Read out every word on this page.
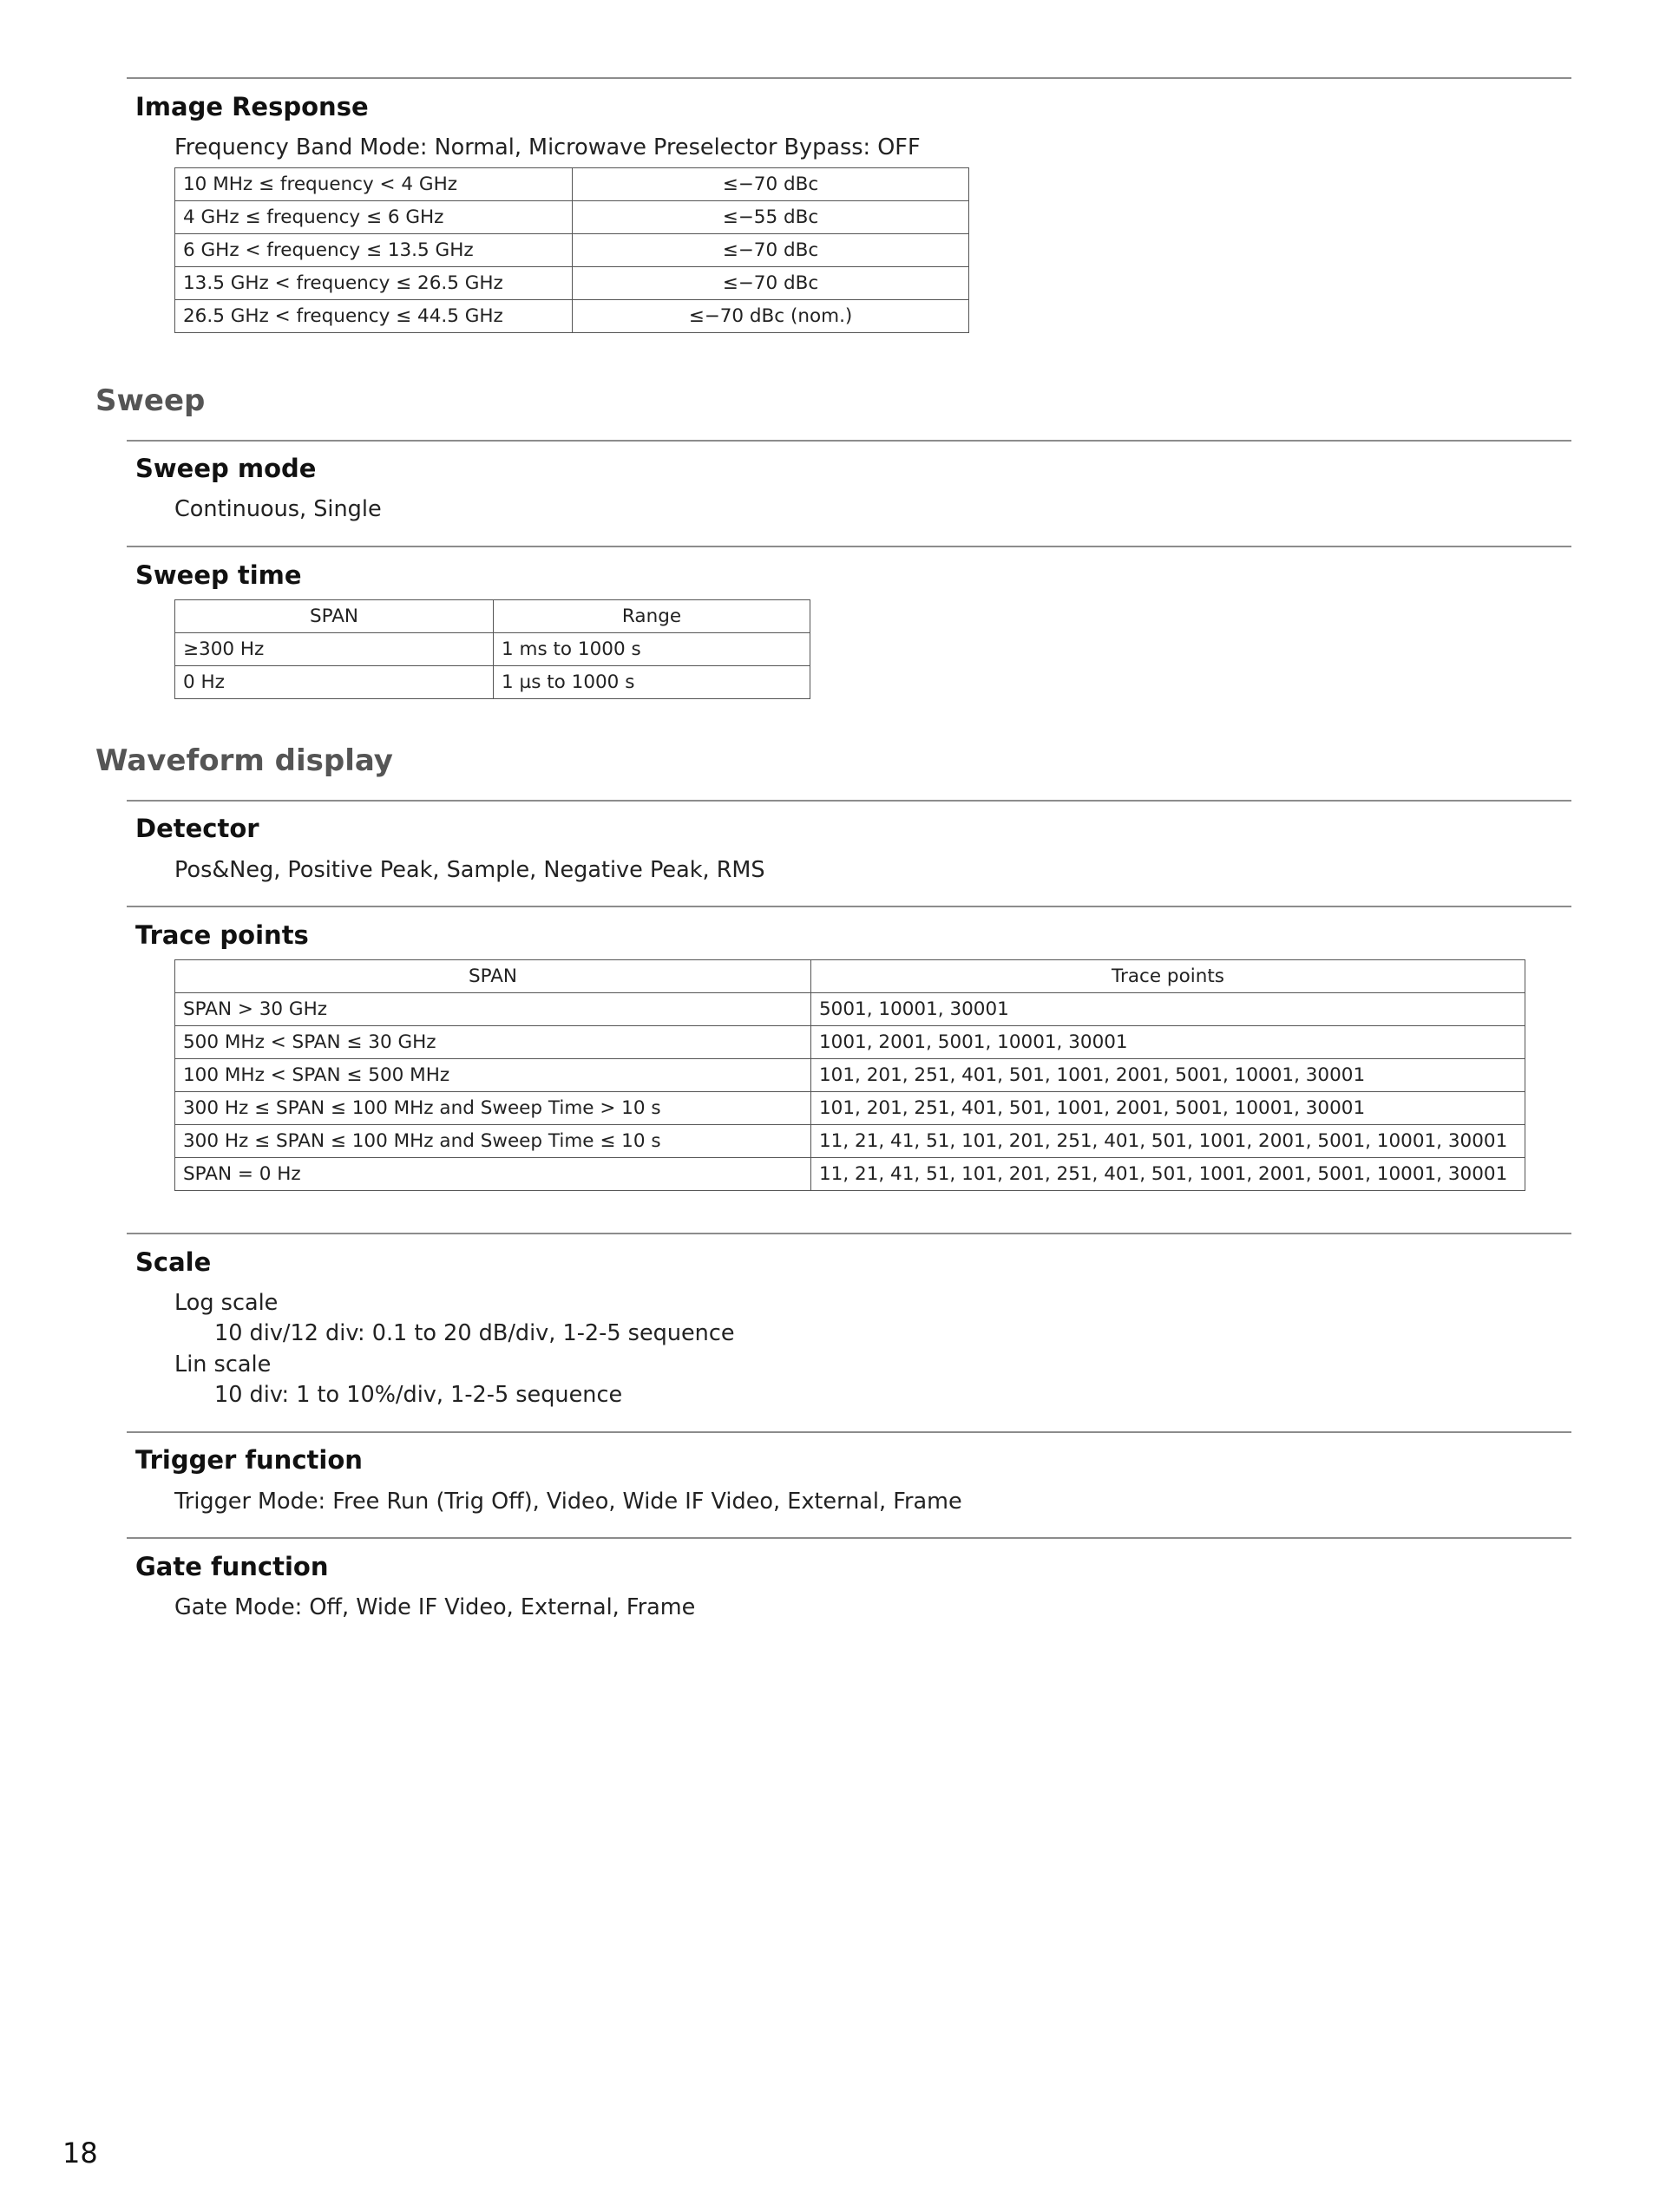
Image Response

Frequency Band Mode: Normal, Microwave Preselector Bypass: OFF

10 MHz ≤ frequency < 4 GHz	≤−70 dBc
4 GHz ≤ frequency ≤ 6 GHz	≤−55 dBc
6 GHz < frequency ≤ 13.5 GHz	≤−70 dBc
13.5 GHz < frequency ≤ 26.5 GHz	≤−70 dBc
26.5 GHz < frequency ≤ 44.5 GHz	≤−70 dBc (nom.)
Sweep
Sweep mode

Continuous, Single

Sweep time
SPAN	Range
≥300 Hz	1 ms to 1000 s
0 Hz	1 µs to 1000 s
Waveform display
Detector

Pos&Neg, Positive Peak, Sample, Negative Peak, RMS

Trace points
SPAN	Trace points
SPAN > 30 GHz	5001, 10001, 30001
500 MHz < SPAN ≤ 30 GHz	1001, 2001, 5001, 10001, 30001
100 MHz < SPAN ≤ 500 MHz	101, 201, 251, 401, 501, 1001, 2001, 5001, 10001, 30001
300 Hz ≤ SPAN ≤ 100 MHz and Sweep Time > 10 s	101, 201, 251, 401, 501, 1001, 2001, 5001, 10001, 30001
300 Hz ≤ SPAN ≤ 100 MHz and Sweep Time ≤ 10 s	11, 21, 41, 51, 101, 201, 251, 401, 501, 1001, 2001, 5001, 10001, 30001
SPAN = 0 Hz	11, 21, 41, 51, 101, 201, 251, 401, 501, 1001, 2001, 5001, 10001, 30001
Scale

Log scale

10 div/12 div: 0.1 to 20 dB/div, 1-2-5 sequence

Lin scale

10 div: 1 to 10%/div, 1-2-5 sequence

Trigger function

Trigger Mode: Free Run (Trig Off), Video, Wide IF Video, External, Frame

Gate function

Gate Mode: Off, Wide IF Video, External, Frame

18
